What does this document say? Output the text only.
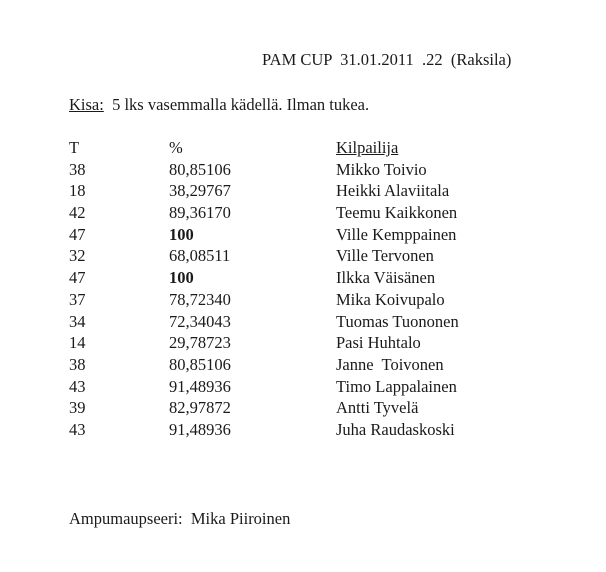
PAM CUP  31.01.2011  .22  (Raksila)
Kisa:  5 lks vasemmalla kädellä. Ilman tukea.
T	%	Kilpailija
38	80,85106	Mikko Toivio
18	38,29767	Heikki Alaviitala
42	89,36170	Teemu Kaikkonen
47	100	Ville Kemppainen
32	68,08511	Ville Tervonen
47	100	Ilkka Väisänen
37	78,72340	Mika Koivupalo
34	72,34043	Tuomas Tuononen
14	29,78723	Pasi Huhtalo
38	80,85106	Janne  Toivonen
43	91,48936	Timo Lappalainen
39	82,97872	Antti Tyvelä
43	91,48936	Juha Raudaskoski
Ampumaupseeri:  Mika Piiroinen
